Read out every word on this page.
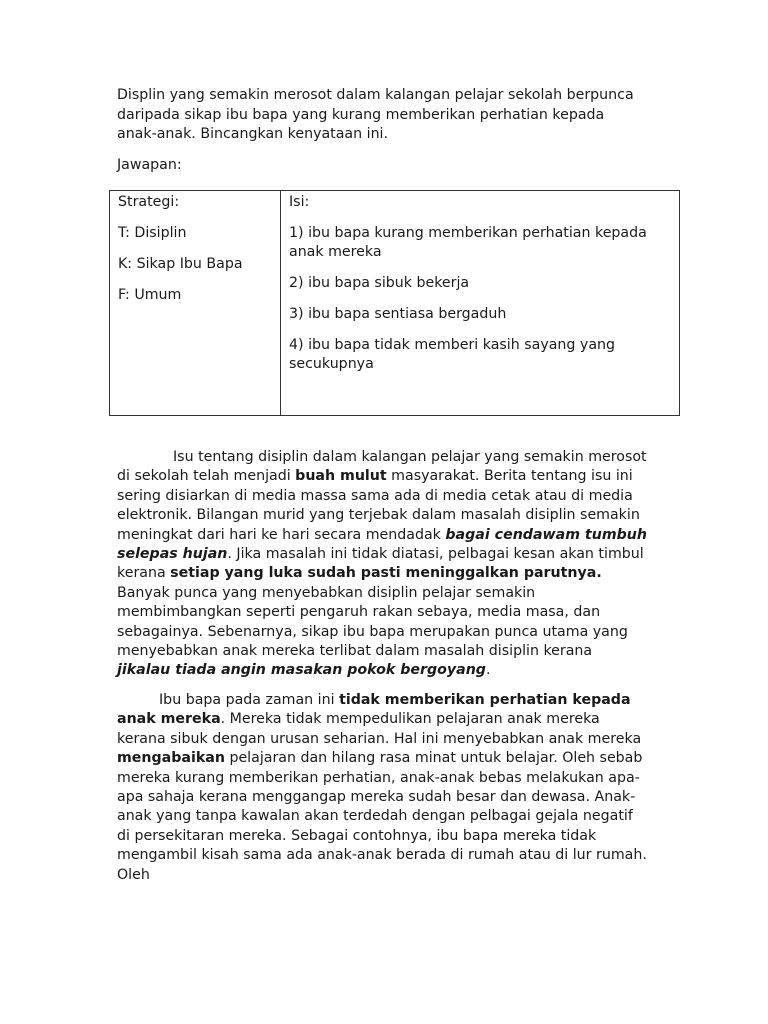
Displin yang semakin merosot dalam kalangan pelajar sekolah berpunca daripada sikap ibu bapa yang kurang memberikan perhatian kepada anak-anak. Bincangkan kenyataan ini.

Jawapan:

Strategi:

T: Disiplin

K: Sikap Ibu Bapa

F: Umum

Isi:

1) ibu bapa kurang memberikan perhatian kepada anak mereka

2) ibu bapa sibuk bekerja

3) ibu bapa sentiasa bergaduh

4) ibu bapa tidak memberi kasih sayang yang secukupnya

Isu tentang disiplin dalam kalangan pelajar yang semakin merosot di sekolah telah menjadi buah mulut masyarakat. Berita tentang isu ini sering disiarkan di media massa sama ada di media cetak atau di media elektronik. Bilangan murid yang terjebak dalam masalah disiplin semakin meningkat dari hari ke hari secara mendadak bagai cendawam tumbuh selepas hujan. Jika masalah ini tidak diatasi, pelbagai kesan akan timbul kerana setiap yang luka sudah pasti meninggalkan parutnya. Banyak punca yang menyebabkan disiplin pelajar semakin membimbangkan seperti pengaruh rakan sebaya, media masa, dan sebagainya. Sebenarnya, sikap ibu bapa merupakan punca utama yang menyebabkan anak mereka terlibat dalam masalah disiplin kerana jikalau tiada angin masakan pokok bergoyang.

Ibu bapa pada zaman ini tidak memberikan perhatian kepada anak mereka. Mereka tidak mempedulikan pelajaran anak mereka kerana sibuk dengan urusan seharian. Hal ini menyebabkan anak mereka mengabaikan pelajaran dan hilang rasa minat untuk belajar. Oleh sebab mereka kurang memberikan perhatian, anak-anak bebas melakukan apa-apa sahaja kerana menggangap mereka sudah besar dan dewasa. Anak-anak yang tanpa kawalan akan terdedah dengan pelbagai gejala negatif di persekitaran mereka. Sebagai contohnya, ibu bapa mereka tidak mengambil kisah sama ada anak-anak berada di rumah atau di lur rumah. Oleh
